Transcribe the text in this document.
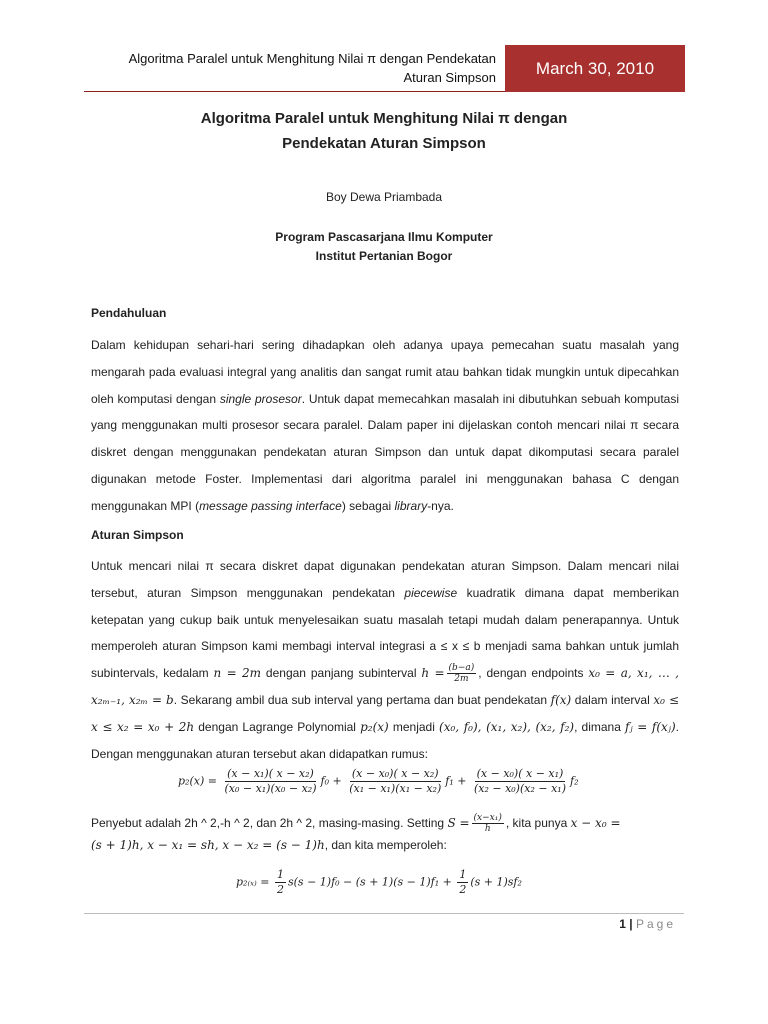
Algoritma Paralel untuk Menghitung Nilai π dengan Pendekatan
Aturan Simpson	March 30, 2010
Algoritma Paralel untuk Menghitung Nilai π dengan
Pendekatan Aturan Simpson
Boy Dewa Priambada
Program Pascasarjana Ilmu Komputer
Institut Pertanian Bogor
Pendahuluan

Dalam kehidupan sehari-hari sering dihadapkan oleh adanya upaya pemecahan suatu masalah yang mengarah pada evaluasi integral yang analitis dan sangat rumit atau bahkan tidak mungkin untuk dipecahkan oleh komputasi dengan single prosesor. Untuk dapat memecahkan masalah ini dibutuhkan sebuah komputasi yang menggunakan multi prosesor secara paralel. Dalam paper ini dijelaskan contoh mencari nilai π secara diskret dengan menggunakan pendekatan aturan Simpson dan untuk dapat dikomputasi secara paralel digunakan metode Foster. Implementasi dari algoritma paralel ini menggunakan bahasa C dengan menggunakan MPI (message passing interface) sebagai library-nya.

Aturan Simpson

Untuk mencari nilai π secara diskret dapat digunakan pendekatan aturan Simpson. Dalam mencari nilai tersebut, aturan Simpson menggunakan pendekatan piecewise kuadratik dimana dapat memberikan ketepatan yang cukup baik untuk menyelesaikan suatu masalah tetapi mudah dalam penerapannya. Untuk memperoleh aturan Simpson kami membagi interval integrasi a ≤ x ≤ b menjadi sama bahkan untuk jumlah subintervals, kedalam n = 2m dengan panjang subinterval $h = \frac{(b-a)}{2m}$ , dengan endpoints x₀ = a, x₁, … , x₂ₘ₋₁, x₂ₘ = b. Sekarang ambil dua sub interval yang pertama dan buat pendekatan f(x) dalam interval x₀ ≤ x ≤ x₂ = x₀ + 2h dengan Lagrange Polynomial p₂(x) menjadi (x₀, f₀), (x₁, x₂), (x₂, f₂), dimana fⱼ = f(xⱼ). Dengan menggunakan aturan tersebut akan didapatkan rumus:

$p_2(x) = \frac{\text{(x − x₁)( x − x₂)}}{\text{(x₀ − x₁)(x₀ − x₂)}} f_0 + \frac{\text{(x − x₀)( x − x₂)}}{\text{(x₁ − x₁)(x₁ − x₂)}} f_1 + \frac{\text{(x − x₀)( x − x₁)}}{\text{(x₂ − x₀)(x₂ − x₁)}} f_2$

Penyebut adalah 2h ^ 2,-h ^ 2, dan 2h ^ 2, masing-masing. Setting $S = \frac{\text{(x−x₁)}}{h}$ , kita punya x − x₀ =
(s + 1)h, x − x₁ = sh, x − x₂ = (s − 1)h, dan kita memperoleh:

$p_{2(x)} = \frac{1}{2} s(s - 1)f_0 - (s + 1)(s - 1)f_1 + \frac{1}{2} (s + 1)sf_2$
1 | Page
